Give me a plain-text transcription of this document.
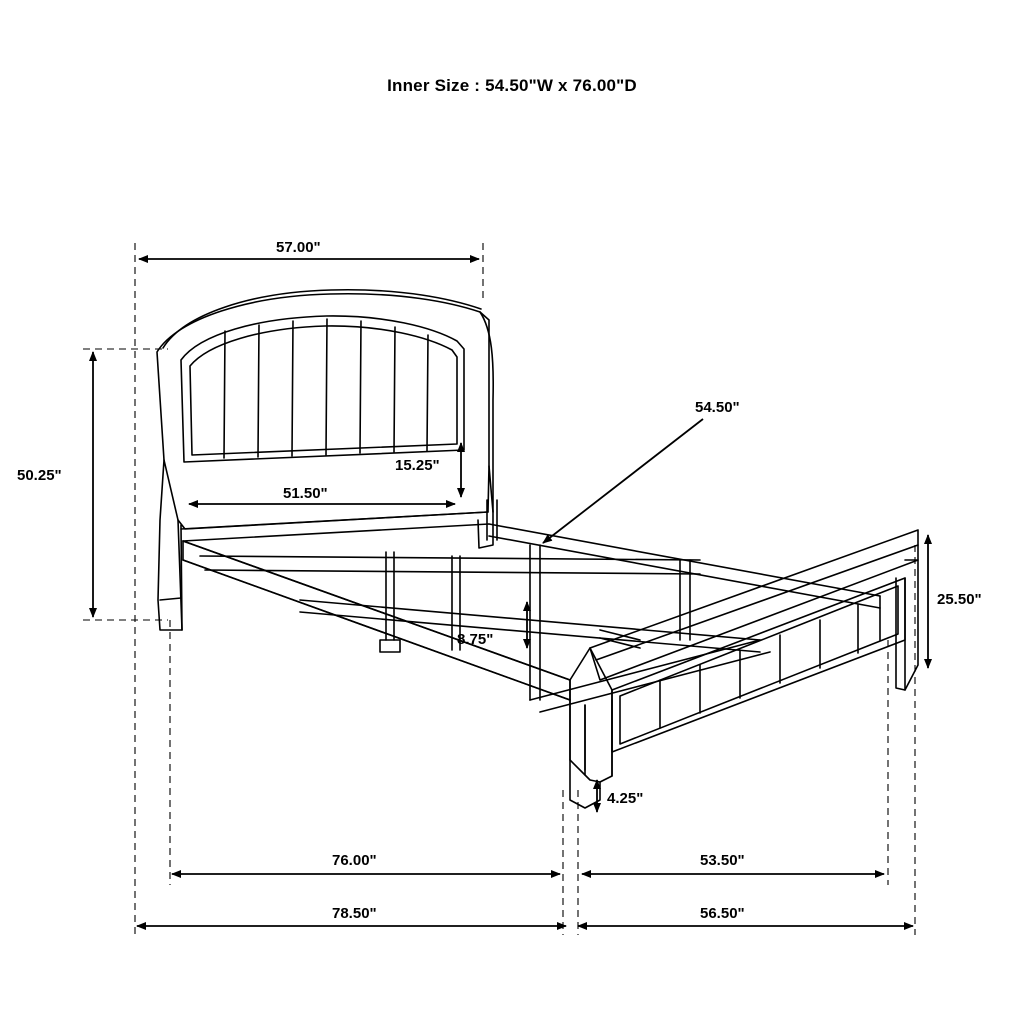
Inner Size : 54.50"W x 76.00"D
57.00"
50.25"
51.50"
15.25"
54.50"
8.75"
25.50"
4.25"
76.00"	53.50"
78.50"	56.50"
